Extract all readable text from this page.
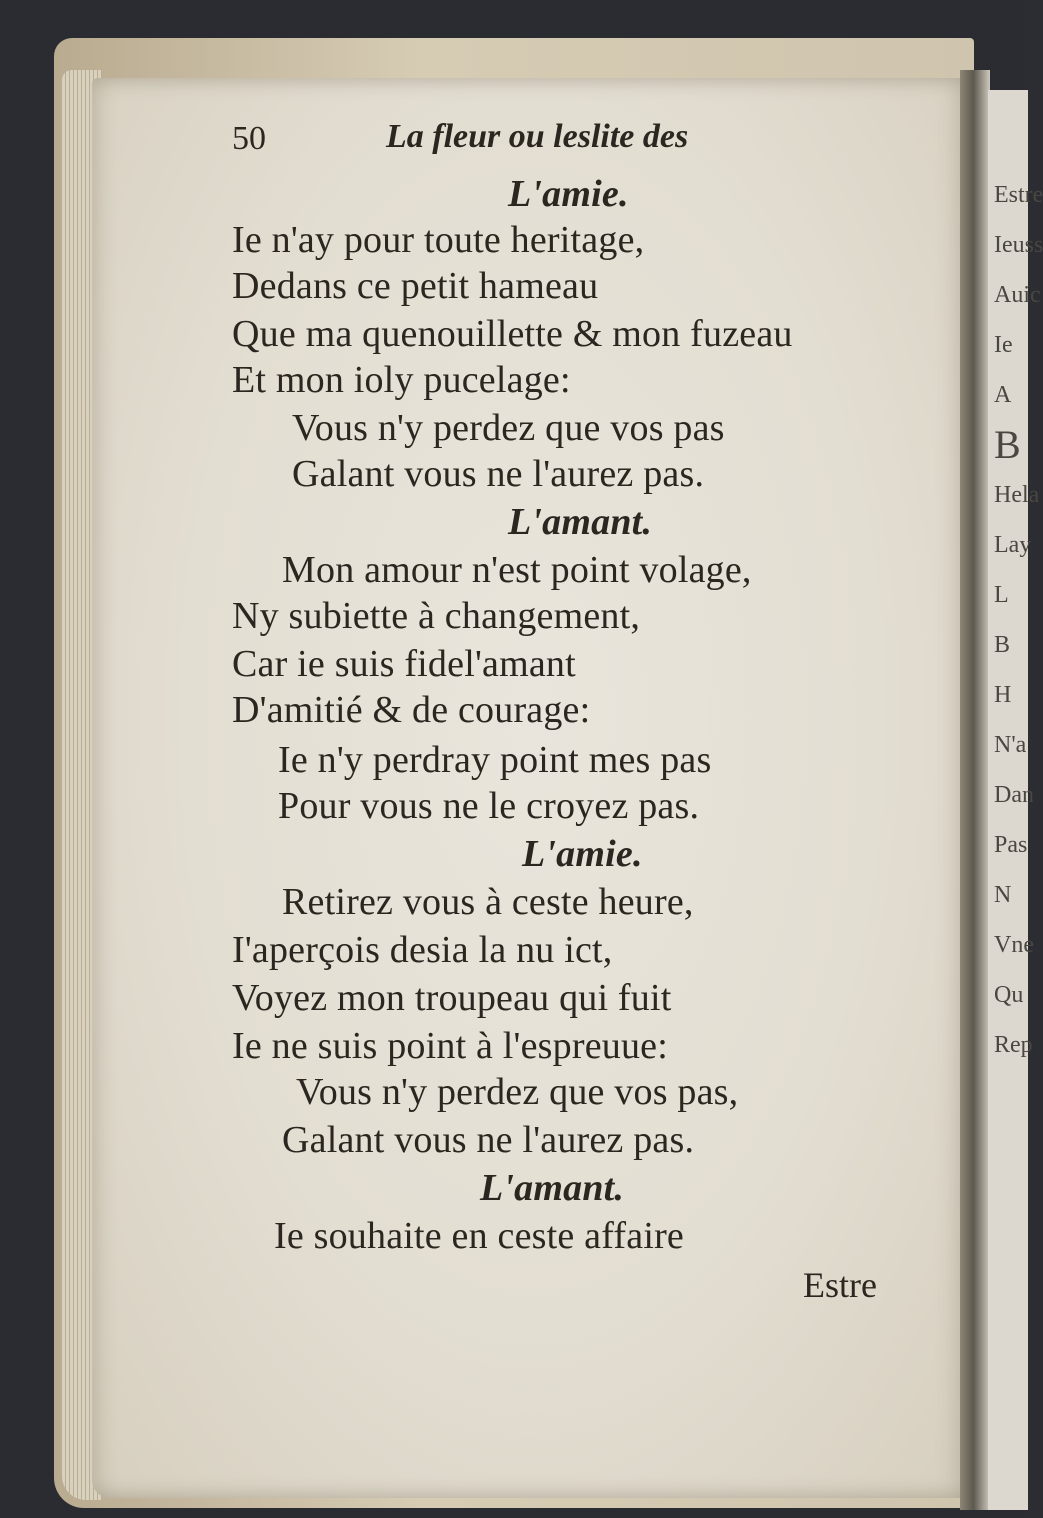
Estre
Ieuss
Auic
Ie
A
B
Hela
Lay
L
B
H
N'a
Dan
Pas
N
Vne
Qu
Rep
50	La fleur ou leslite des
L'amie.
Ie n'ay pour toute heritage,
Dedans ce petit hameau
Que ma quenouillette & mon fuzeau
Et mon ioly pucelage:
Vous n'y perdez que vos pas
Galant vous ne l'aurez pas.
L'amant.
Mon amour n'est point volage,
Ny subiette à changement,
Car ie suis fidel'amant
D'amitié & de courage:
Ie n'y perdray point mes pas
Pour vous ne le croyez pas.
L'amie.
Retirez vous à ceste heure,
I'aperçois desia la nu ict,
Voyez mon troupeau qui fuit
Ie ne suis point à l'espreuue:
Vous n'y perdez que vos pas,
Galant vous ne l'aurez pas.
L'amant.
Ie souhaite en ceste affaire
Estre
